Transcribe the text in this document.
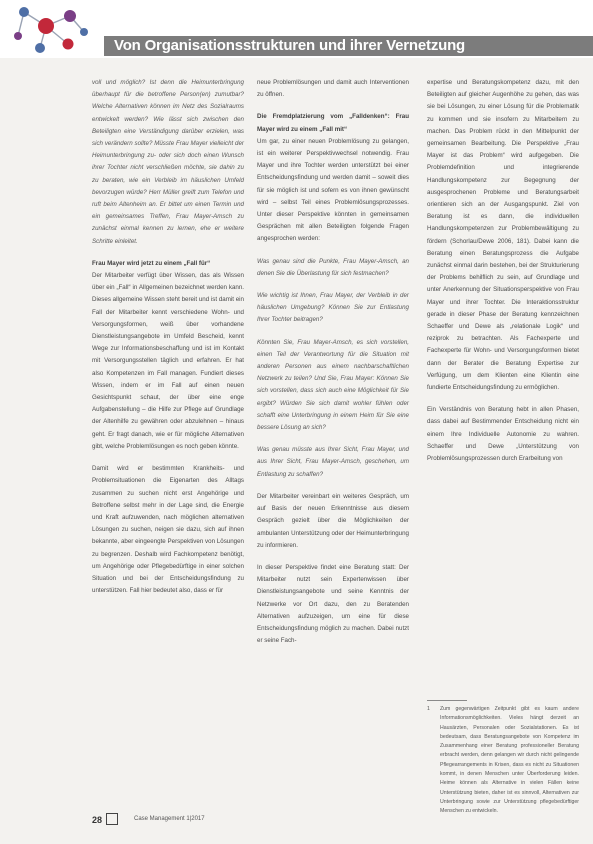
Von Organisationsstrukturen und ihrer Vernetzung

voll und möglich? Ist denn die Heimunterbringung überhaupt für die betroffene Person(en) zumutbar? Welche Alternativen können im Netz des Sozialraums entwickelt werden? Wie lässt sich zwischen den Beteiligten eine Verständigung darüber erzielen, was sich verändern sollte? Müsste Frau Mayer vielleicht der Heimunterbringung zu- oder sich doch einen Wunsch ihrer Tochter nicht verschließen möchte, sie dahin zu zu beraten, wie ein Verbleib im häuslichen Umfeld bevorzugen würde? Herr Müller greift zum Telefon und ruft beim Altenheim an. Er bittet um einen Termin und ein gemeinsames Treffen, Frau Mayer-Amsch zu zunächst einmal kennen zu lernen, ehe er weitere Schritte einleitet.

Frau Mayer wird jetzt zu einem „Fall für“

Der Mitarbeiter verfügt über Wissen, das als Wissen über ein „Fall“ in Allgemeinen bezeichnet werden kann. Dieses allgemeine Wissen steht bereit und ist damit ein Fall der Mitarbeiter kennt verschiedene Wohn- und Versorgungsformen, weiß über vorhandene Dienstleistungsangebote im Umfeld Bescheid, kennt Wege zur Informationsbeschaffung und ist im Kontakt mit Versorgungsstellen täglich und erfahren. Er hat also Kompetenzen im Fall managen. Fundiert dieses Wissen, indem er im Fall auf einen neuen Gesichtspunkt schaut, der über eine enge Aufgabenstellung – die Hilfe zur Pflege auf Grundlage der Altenhilfe zu gewähren oder abzulehnen – hinaus geht. Er fragt danach, wie er für mögliche Alternativen gibt, welche Problemlösungen es noch geben könnte.

Damit wird er bestimmten Krankheits- und Problemsituationen die Eigenarten des Alltags zusammen zu suchen nicht erst Angehörige und Betroffene selbst mehr in der Lage sind, die Energie und Kraft aufzuwenden, nach möglichen alternativen Lösungen zu suchen, neigen sie dazu, sich auf ihnen bekannte, aber eingeengte Perspektiven von Lösungen zu begrenzen. Deshalb wird Fachkompetenz benötigt, um Angehörige oder Pflegebedürftige in einer solchen Situation und bei der Entscheidungsfindung zu unterstützen. Fall hier bedeutet also, dass er für

neue Problemlösungen und damit auch Interventionen zu öffnen.

Die Fremdplatzierung vom „Falldenken“: Frau Mayer wird zu einem „Fall mit“

Um gar, zu einer neuen Problemlösung zu gelangen, ist ein weiterer Perspektivwechsel notwendig. Frau Mayer und ihre Tochter werden unterstützt bei einer Entscheidungsfindung und werden damit – soweit dies für sie möglich ist und sofern es von ihnen gewünscht wird – selbst Teil eines Problemlösungsprozesses. Unter dieser Perspektive könnten in gemeinsamen Gesprächen mit allen Beteiligten folgende Fragen angesprochen werden:

Was genau sind die Punkte, Frau Mayer-Amsch, an denen Sie die Überlastung für sich festmachen?

Wie wichtig ist Ihnen, Frau Mayer, der Verbleib in der häuslichen Umgebung? Können Sie zur Entlastung Ihrer Tochter beitragen?

Könnten Sie, Frau Mayer-Amsch, es sich vorstellen, einen Teil der Verantwortung für die Situation mit anderen Personen aus einem nachbarschaftlichen Netzwerk zu teilen? Und Sie, Frau Mayer: Können Sie sich vorstellen, dass sich auch eine Möglichkeit für Sie ergibt? Würden Sie sich damit wohler fühlen oder schafft eine Unterbringung in einem Heim für Sie eine bessere Lösung an sich?

Was genau müsste aus Ihrer Sicht, Frau Mayer, und aus Ihrer Sicht, Frau Mayer-Amsch, geschehen, um Entlastung zu schaffen?

Der Mitarbeiter vereinbart ein weiteres Gespräch, um auf Basis der neuen Erkenntnisse aus diesem Gespräch gezielt über die Möglichkeiten der ambulanten Unterstützung oder der Heimunterbringung zu informieren.

In dieser Perspektive findet eine Beratung statt: Der Mitarbeiter nutzt sein Expertenwissen über Dienstleistungsangebote und seine Kenntnis der Netzwerke vor Ort dazu, den zu Beratenden Alternativen aufzuzeigen, um eine für diese Entscheidungsfindung möglich zu machen. Dabei nutzt er seine Fach-

expertise und Beratungskompetenz dazu, mit den Beteiligten auf gleicher Augenhöhe zu gehen, das was sie bei Lösungen, zu einer Lösung für die Problematik zu kommen und sie insofern zu Mitarbeitern zu machen. Das Problem rückt in den Mittelpunkt der gemeinsamen Bearbeitung. Die Perspektive „Frau Mayer ist das Problem“ wird aufgegeben. Die Problemdefinition und integrierende Handlungskompetenz zur Begegnung der ausgesprochenen Probleme und Beratungsarbeit orientieren sich an der Ausgangspunkt. Ziel von Beratung ist es dann, die individuellen Handlungskompetenzen zur Problembewältigung zu fördern (Schorlau/Dewe 2006, 181). Dabei kann die Beratung einen Beratungsprozess die Aufgabe zunächst einmal darin bestehen, bei der Strukturierung der Problems behilflich zu sein, auf Grundlage und unter Anerkennung der Situationsperspektive von Frau Mayer und ihrer Tochter. Die Interaktionsstruktur gerade in dieser Phase der Beratung kennzeichnen Schaeffer und Dewe als „relationale Logik“ und reziprok zu betrachten. Als Fachexperte und Fachexperte für Wohn- und Versorgungsformen bietet dann der Berater die Beratung Expertise zur Verfügung, um dem Klienten eine Klientin eine fundierte Entscheidungsfindung zu ermöglichen.

Ein Verständnis von Beratung hebt in allen Phasen, dass dabei auf Bestimmender Entscheidung nicht ein einem Ihre Individuelle Autonomie zu wahren. Schaeffer und Dewe „Unterstützung von Problemlösungsprozessen durch Erarbeitung von

1 Zum gegenwärtigen Zeitpunkt gibt es kaum andere Informationsmöglichkeiten. Vieles hängt derzeit an Hausärzten, Personalen oder Sozialstationen. Es ist bedeutsam, dass Beratungsangebote von Kompetenz im Zusammenhang einer Beratung professioneller Beratung erbracht werden, denn gelangen wir durch nicht gelingende Pflegearrangements in Krisen, dass es nicht zu Situationen kommt, in denen Menschen unter Überforderung leiden. Heime können als Alternative in vielen Fällen keine Unterstützung bieten, daher ist es sinnvoll, Alternativen zur Unterbringung sowie zur Unterstützung pflegebedürftiger Menschen zu entwickeln.
28	Case Management 1|2017
